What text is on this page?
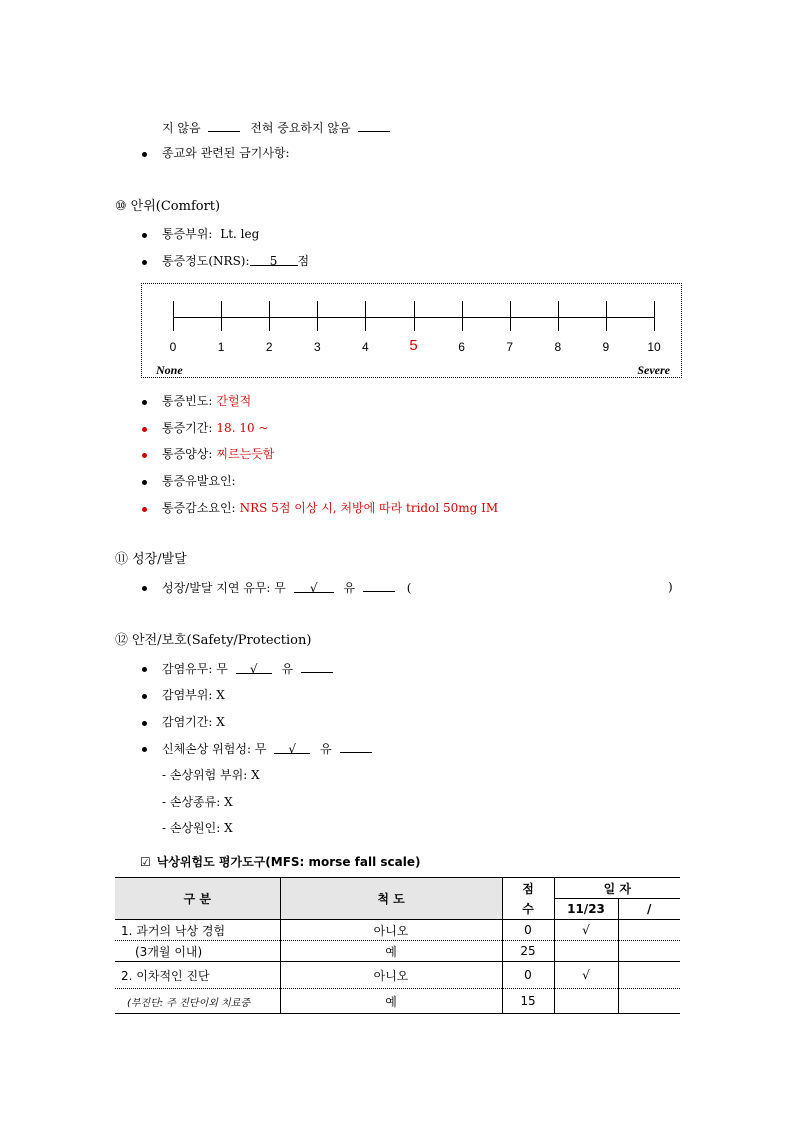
지 않음	전혀 중요하지 않음
종교와 관련된 금기사항:
⑩ 안위(Comfort)
통증부위: Lt. leg
통증정도(NRS): 5 점
0	1	2	3	4	5	6	7	8	9	10
None	Severe
통증빈도: 간헐적
통증기간: 18. 10 ~
통증양상: 찌르는듯함
통증유발요인:
통증감소요인: NRS 5점 이상 시, 처방에 따라 tridol 50mg IM
⑪ 성장/발달
성장/발달 지연 유무: 무 √ 유	(	)
⑫ 안전/보호(Safety/Protection)
감염유무: 무 √ 유
감염부위: X
감염기간: X
신체손상 위험성: 무 √ 유
- 손상위험 부위: X
- 손상종류: X
- 손상원인: X
☑ 낙상위험도 평가도구(MFS: morse fall scale)
구 분	척 도	점	일 자	
		수	11/23	/
1. 과거의 낙상 경험	아니오	0	√	
(3개월 이내)	예	25		
2. 이차적인 진단	아니오	0	√	
(부진단: 주 진단이외 치료중	예	15		
